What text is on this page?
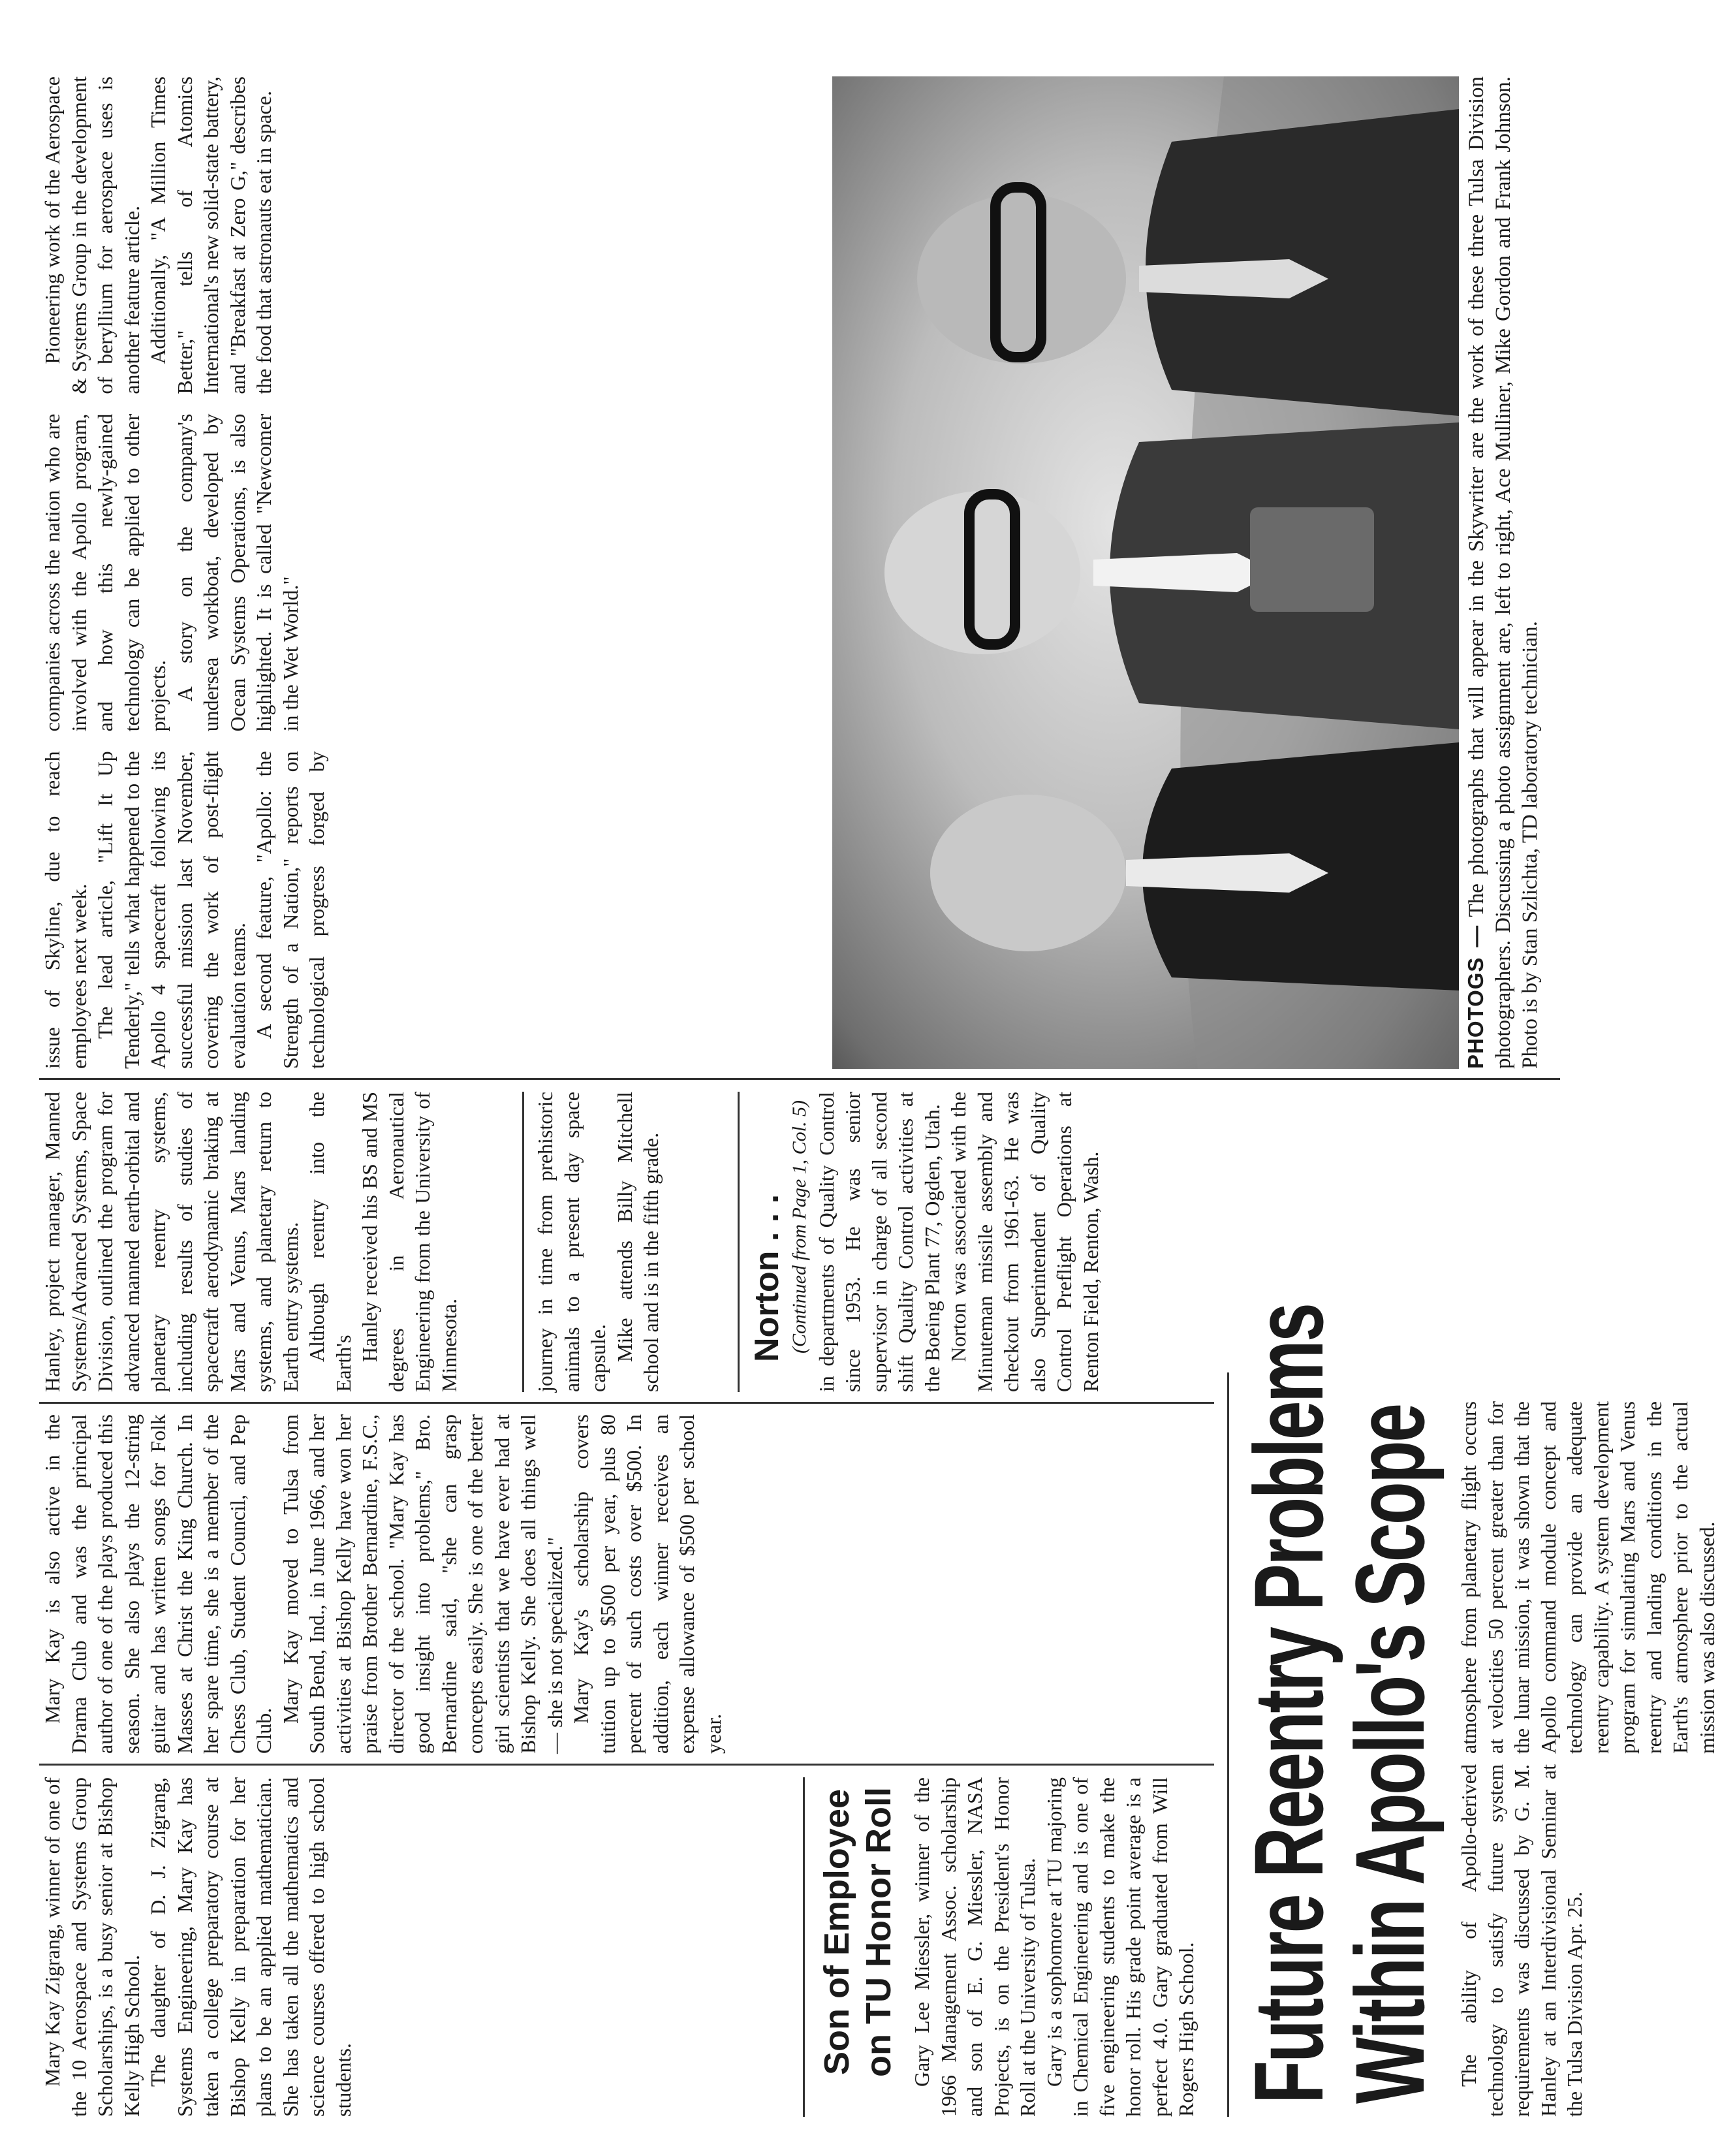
Mary Kay Zigrang, winner of one of the 10 Aerospace and Systems Group Scholarships, is a busy senior at Bishop Kelly High School. The daughter of D. J. Zigrang, Systems Engineering, Mary Kay has taken a college preparatory course at Bishop Kelly in preparation for her plans to be an applied mathematician. She has taken all the mathematics and science courses offered to high school students.

Son of Employee on TU Honor Roll Gary Lee Miessler, winner of the 1966 Management Assoc. scholarship and son of E. G. Miessler, NASA Projects, is on the President's Honor Roll at the University of Tulsa. Gary is a sophomore at TU majoring in Chemical Engineering and is one of five engineering students to make the honor roll. His grade point average is a perfect 4.0. Gary graduated from Will Rogers High School.

Mary Kay is also active in the Drama Club and was the principal author of one of the plays produced this season. She also plays the 12-string guitar and has written songs for Folk Masses at Christ the King Church. In her spare time, she is a member of the Chess Club, Student Council, and Pep Club.

Mary Kay moved to Tulsa from South Bend, Ind., in June 1966, and her activities at Bishop Kelly have won her praise from Brother Bernardine, F.S.C., director of the school. "Mary Kay has good insight into problems," Bro. Bernardine said, "she can grasp concepts easily. She is one of the better girl scientists that we have ever had at Bishop Kelly. She does all things well — she is not specialized." Mary Kay's scholarship covers tuition up to $500 per year, plus 80 percent of such costs over $500. In addition, each winner receives an expense allowance of $500 per school year.	Future Reentry Problems
Within Apollo's Scope The ability of Apollo-derived technology to satisfy future system requirements was discussed by G. M. Hanley at an Interdivisional Seminar at the Tulsa Division Apr. 25.

atmosphere from planetary flight occurs at velocities 50 percent greater than for the lunar mission, it was shown that the Apollo command module concept and technology can provide an adequate reentry capability. A system development program for simulating Mars and Venus reentry and landing conditions in the Earth's atmosphere prior to the actual mission was also discussed.

Hanley, project manager, Manned Systems/Advanced Systems, Space Division, outlined the program for advanced manned earth-orbital and planetary reentry systems, including results of studies of spacecraft aerodynamic braking at Mars and Venus, Mars landing systems, and planetary return to Earth entry systems. Although reentry into the Earth's

Hanley received his BS and MS degrees in Aeronautical Engineering from the University of Minnesota.	journey in time from prehistoric animals to a present day space capsule. Mike attends Billy Mitchell school and is in the fifth grade.	Norton . . . (Continued from Page 1, Col. 5) in departments of Quality Control since 1953. He was senior supervisor in charge of all second shift Quality Control activities at the Boeing Plant 77, Ogden, Utah. Norton was associated with the Minuteman missile assembly and checkout from 1961-63. He was also Superintendent of Quality Control Preflight Operations at Renton Field, Renton, Wash.

issue of Skyline, due to reach employees next week. The lead article, "Lift It Up Tenderly," tells what happened to the Apollo 4 spacecraft following its successful mission last November, covering the work of post-flight evaluation teams. A second feature, "Apollo: the Strength of a Nation," reports on technological progress forged by companies across the nation who are involved with the Apollo program, and how this newly-gained technology can be applied to other projects. A story on the company's undersea workboat, developed by Ocean Systems Operations, is also highlighted. It is called "Newcomer in the Wet World."

Pioneering work of the Aerospace & Systems Group in the development of beryllium for aerospace uses is another feature article. Additionally, "A Million Times Better," tells of Atomics International's new solid-state battery, and "Breakfast at Zero G," describes the food that astronauts eat in space.

PHOTOGS — The photographs that will appear in the Skywriter are the work of these three Tulsa Division photographers. Discussing a photo assignment are, left to right, Ace Mulliner, Mike Gordon and Frank Johnson. Photo is by Stan Szlichta, TD laboratory technician.
